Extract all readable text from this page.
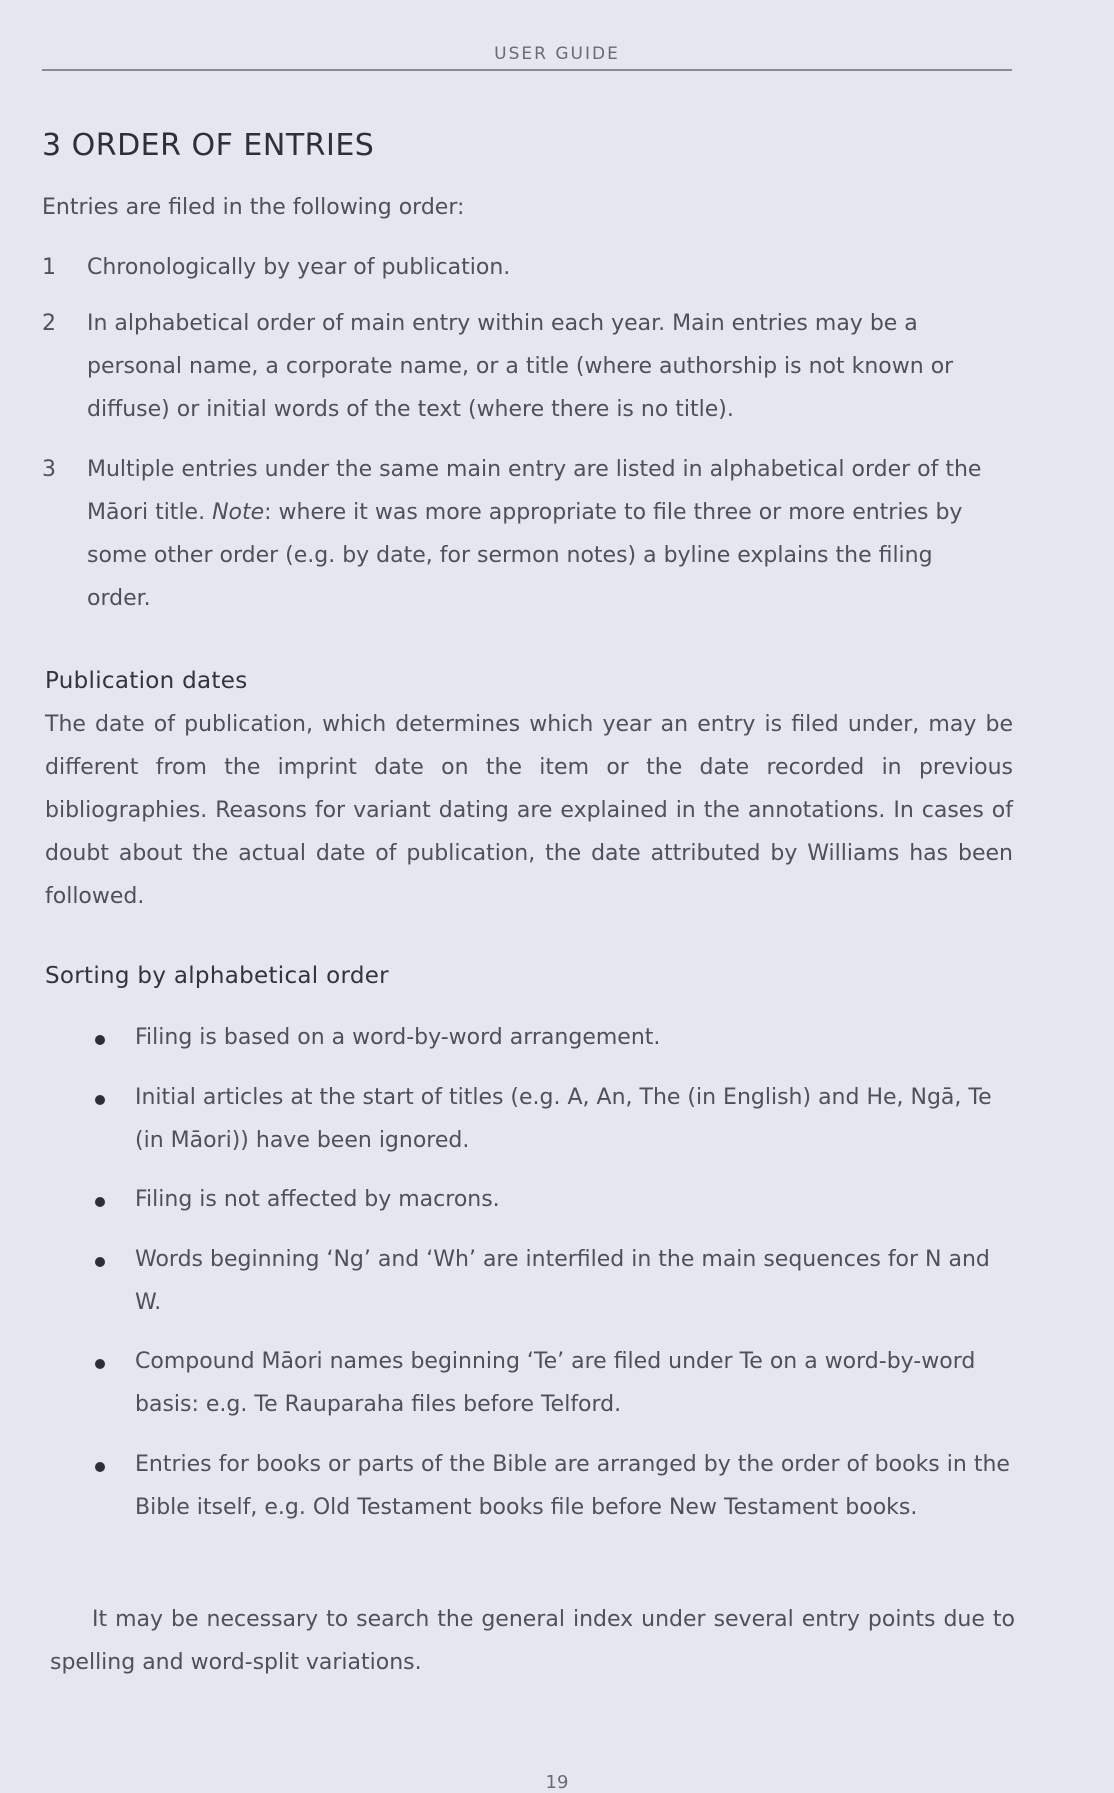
USER GUIDE
3 ORDER OF ENTRIES
Entries are filed in the following order:
1 Chronologically by year of publication.
2 In alphabetical order of main entry within each year. Main entries may be a personal name, a corporate name, or a title (where authorship is not known or diffuse) or initial words of the text (where there is no title).
3 Multiple entries under the same main entry are listed in alphabetical order of the Māori title. Note: where it was more appropriate to file three or more entries by some other order (e.g. by date, for sermon notes) a byline explains the filing order.
Publication dates
The date of publication, which determines which year an entry is filed under, may be different from the imprint date on the item or the date recorded in previous bibliographies. Reasons for variant dating are explained in the annotations. In cases of doubt about the actual date of publication, the date attributed by Williams has been followed.
Sorting by alphabetical order
Filing is based on a word-by-word arrangement.
Initial articles at the start of titles (e.g. A, An, The (in English) and He, Ngā, Te (in Māori)) have been ignored.
Filing is not affected by macrons.
Words beginning ‘Ng’ and ‘Wh’ are interfiled in the main sequences for N and W.
Compound Māori names beginning ‘Te’ are filed under Te on a word-by-word basis: e.g. Te Rauparaha files before Telford.
Entries for books or parts of the Bible are arranged by the order of books in the Bible itself, e.g. Old Testament books file before New Testament books.
It may be necessary to search the general index under several entry points due to spelling and word-split variations.
19
